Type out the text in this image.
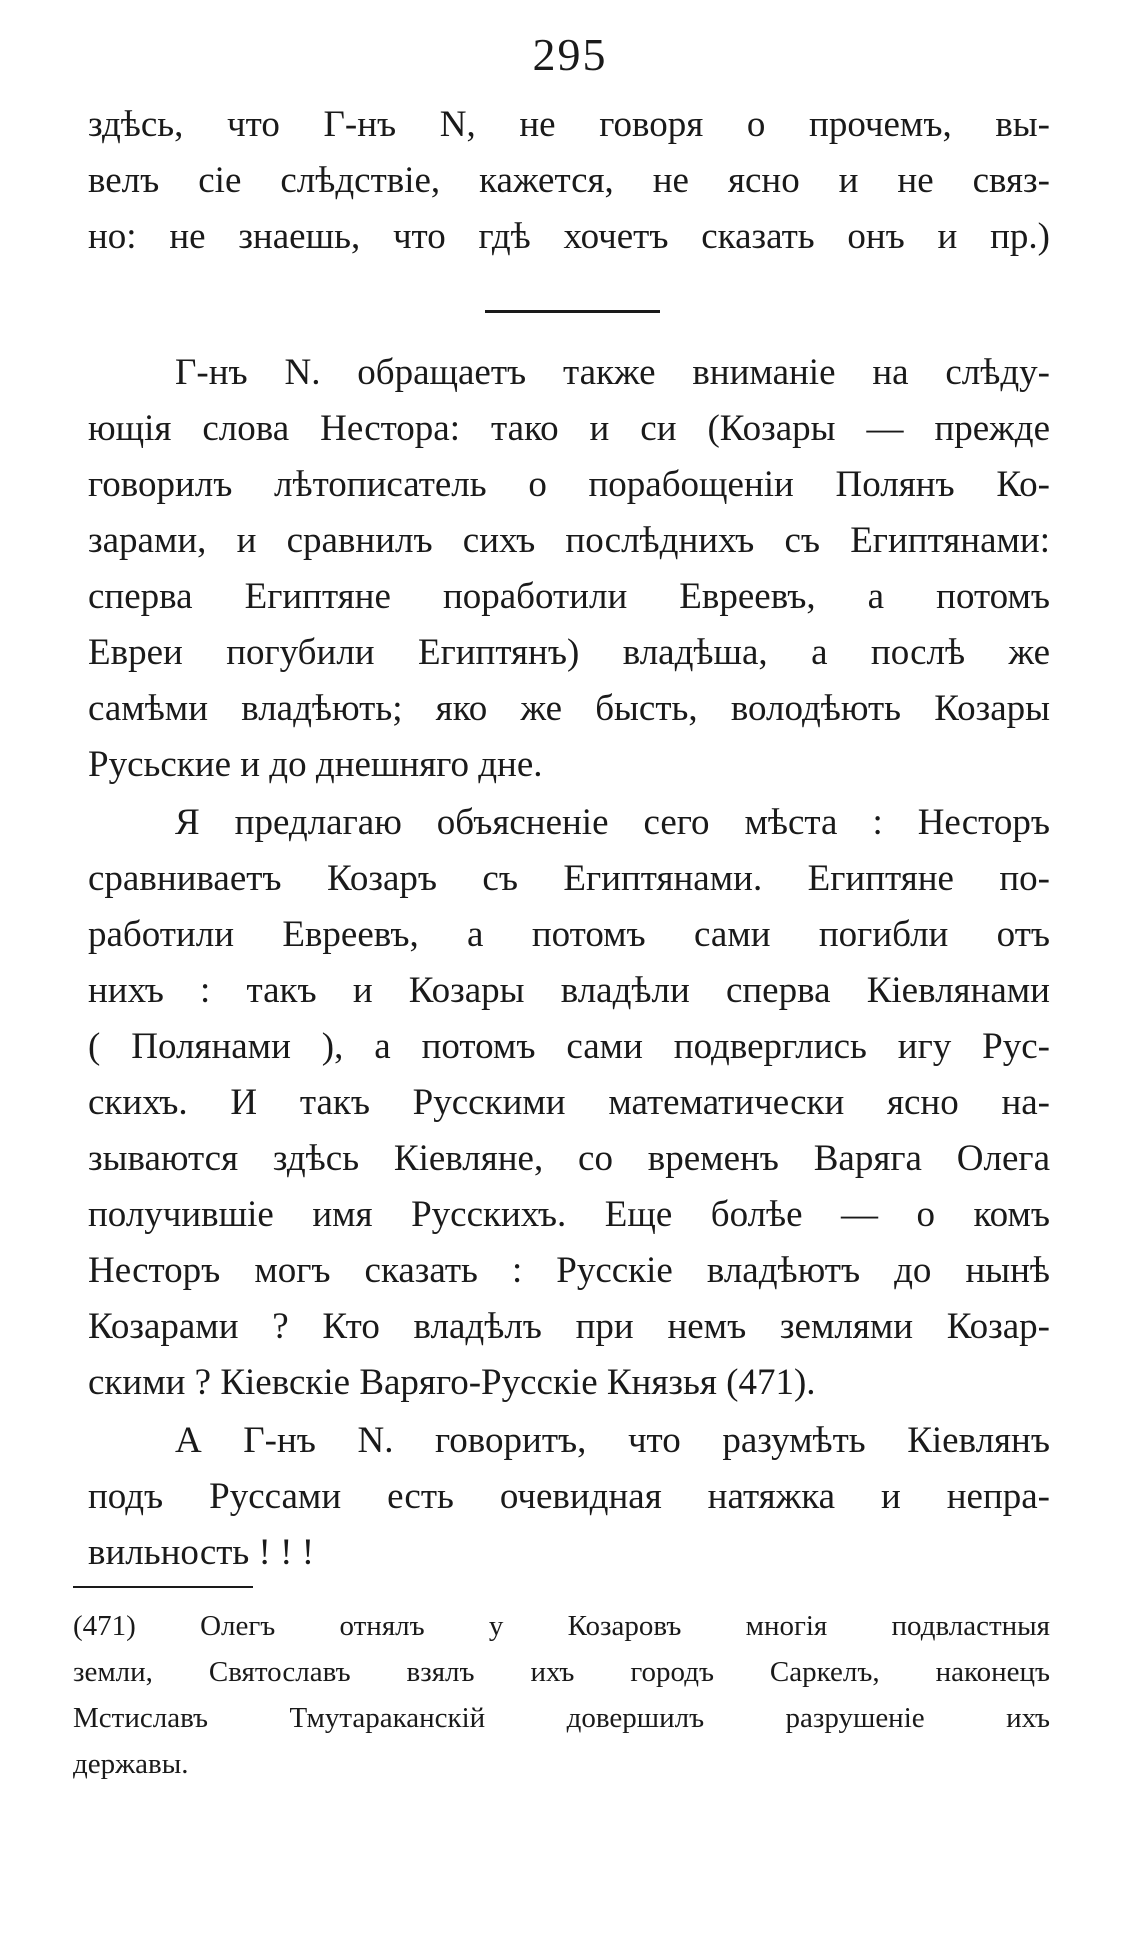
295
здѣсь, что Г-нъ N, не говоря о прочемъ, вы-
велъ сіе слѣдствіе, кажется, не ясно и не связ-
но: не знаешь, что гдѣ хочетъ сказать онъ и пр.)
Г-нъ N. обращаетъ также вниманіе на слѣду-
ющія слова Нестора: тако и си (Козары — прежде
говорилъ лѣтописатель о порабощеніи Полянъ Ко-
зарами, и сравнилъ сихъ послѣднихъ съ Египтянами:
сперва Египтяне поработили Евреевъ, а потомъ
Евреи погубили Египтянъ) владѣша, а послѣ же
самѣми владѣють; яко же бысть, володѣють Козары
Русьские и до днешняго дне.
Я предлагаю объясненіе сего мѣста : Несторъ
сравниваетъ Козаръ съ Египтянами. Египтяне по-
работили Евреевъ, а потомъ сами погибли отъ
нихъ : такъ и Козары владѣли сперва Кіевлянами
( Полянами ), а потомъ сами подверглись игу Рус-
скихъ. И такъ Русскими математически ясно на-
зываются здѣсь Кіевляне, со временъ Варяга Олега
получившіе имя Русскихъ. Еще болѣе — о комъ
Несторъ могъ сказать : Русскіе владѣютъ до нынѣ
Козарами ? Кто владѣлъ при немъ землями Козар-
скими ? Кіевскіе Варяго-Русскіе Князья (471).
А Г-нъ N. говоритъ, что разумѣть Кіевлянъ
подъ Руссами есть очевидная натяжка и непра-
вильность ! ! !
(471) Олегъ отнялъ у Козаровъ многія подвластныя
земли, Святославъ взялъ ихъ городъ Саркелъ, наконецъ
Мстиславъ Тмутараканскій довершилъ разрушеніе ихъ
державы.
